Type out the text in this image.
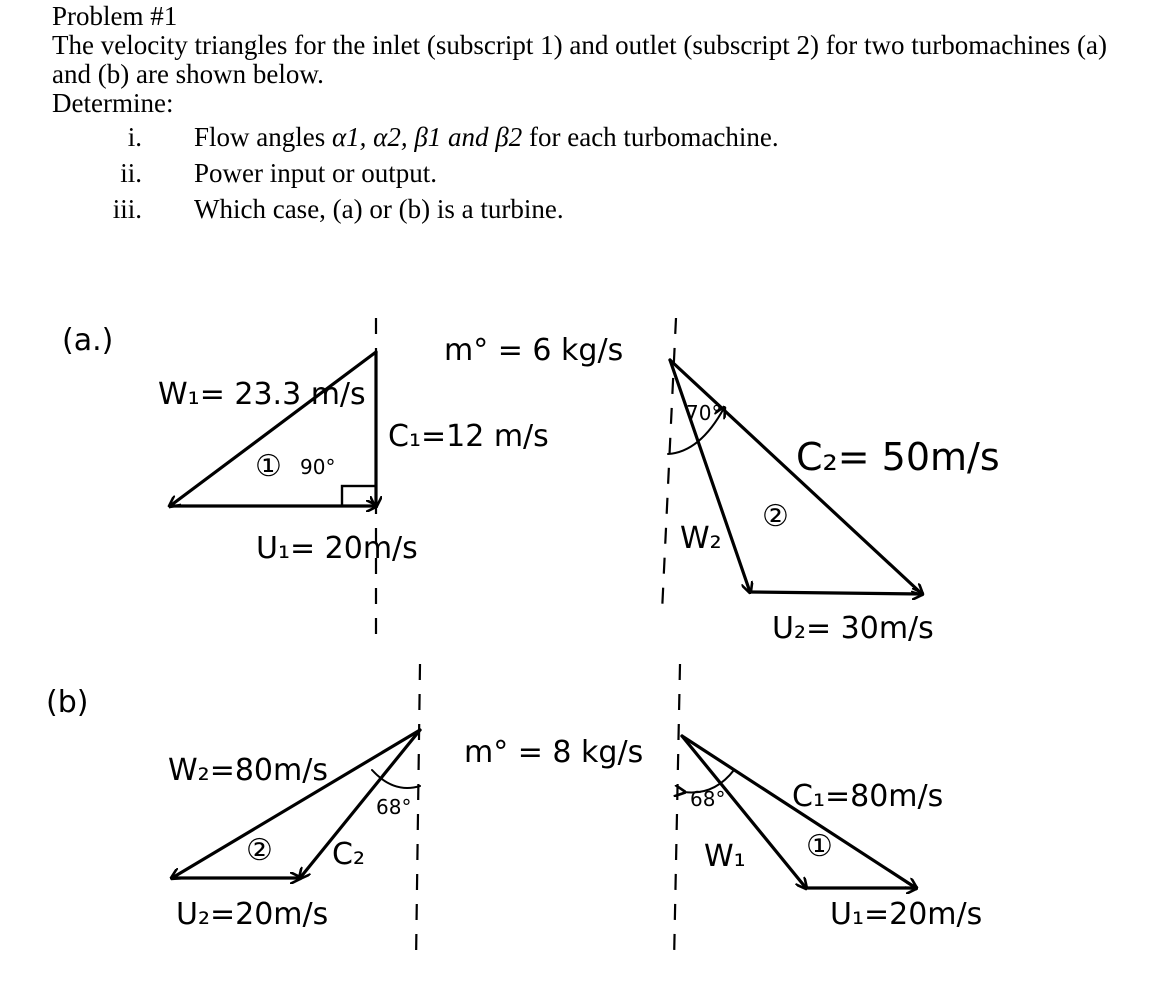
Problem #1

The velocity triangles for the inlet (subscript 1) and outlet (subscript 2) for two turbomachines (a) and (b) are shown below.

Determine:

i. Flow angles α1, α2, β1 and β2 for each turbomachine.
ii. Power input or output.
iii. Which case, (a) or (b) is a turbine.
(a.)	m° = 6 kg/s
W₁= 23.3 m/s
C₁=12 m/s
U₁= 20m/s
① 90°
70°
C₂= 50m/s
W₂
U₂= 30m/s
②
(b)
m° = 8 kg/s
68°
W₂=80m/s
C₂
U₂=20m/s
②
68° C₁=80m/s
W₁
U₁=20m/s
①
